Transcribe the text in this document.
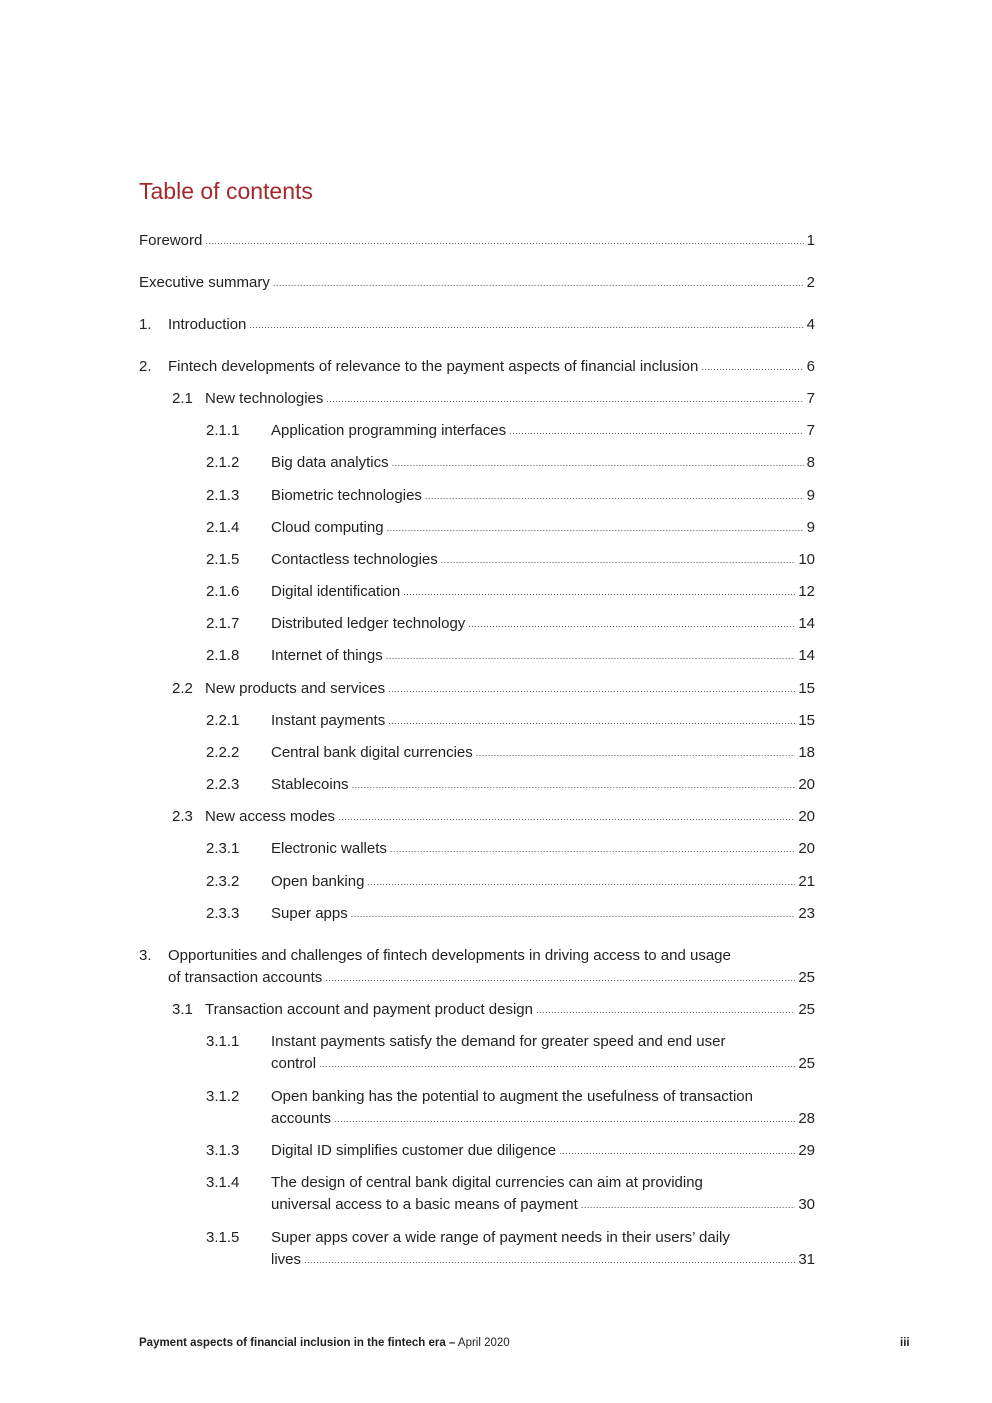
Table of contents
Foreword .....	1
Executive summary .....	2
1. Introduction .....	4
2. Fintech developments of relevance to the payment aspects of financial inclusion .....	6
2.1 New technologies .....	7
2.1.1 Application programming interfaces .....	7
2.1.2 Big data analytics .....	8
2.1.3 Biometric technologies .....	9
2.1.4 Cloud computing .....	9
2.1.5 Contactless technologies .....	10
2.1.6 Digital identification .....	12
2.1.7 Distributed ledger technology .....	14
2.1.8 Internet of things .....	14
2.2 New products and services .....	15
2.2.1 Instant payments .....	15
2.2.2 Central bank digital currencies .....	18
2.2.3 Stablecoins .....	20
2.3 New access modes .....	20
2.3.1 Electronic wallets .....	20
2.3.2 Open banking .....	21
2.3.3 Super apps .....	23
3. Opportunities and challenges of fintech developments in driving access to and usage
of transaction accounts .....	25
3.1 Transaction account and payment product design .....	25
3.1.1 Instant payments satisfy the demand for greater speed and end user
control .....	25
3.1.2 Open banking has the potential to augment the usefulness of transaction
accounts .....	28
3.1.3 Digital ID simplifies customer due diligence .....	29
3.1.4 The design of central bank digital currencies can aim at providing
universal access to a basic means of payment .....	30
3.1.5 Super apps cover a wide range of payment needs in their users’ daily
lives .....	31
Payment aspects of financial inclusion in the fintech era – April 2020	iii
